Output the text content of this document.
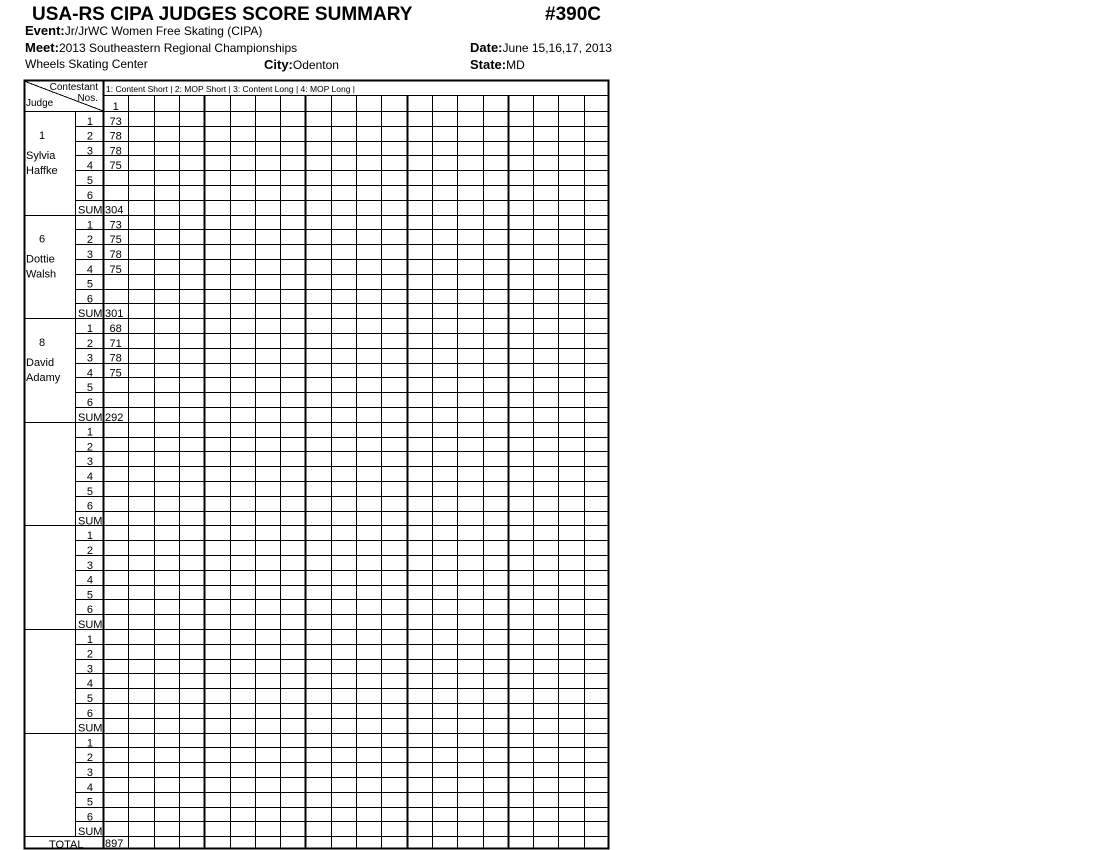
USA-RS CIPA JUDGES SCORE SUMMARY	#390C
Event:Jr/JrWC Women Free Skating (CIPA)
Meet:2013 Southeastern Regional Championships	Date:June 15,16,17, 2013
Wheels Skating Center	City:Odenton	State:MD
Contestant
Nos.
Judge
1: Content Short | 2: MOP Short | 3: Content Long | 4: MOP Long |
1
1
Sylvia
Haffke
1 73
2 78
3 78
4 75
5
6
SUM 304
6
Dottie
Walsh
1 73
2 75
3 78
4 75
5
6
SUM 301
8
David
Adamy
1 68
2 71
3 78
4 75
5
6
SUM 292
1
2
3
4
5
6
SUM
1
2
3
4
5
6
SUM
1
2
3
4
5
6
SUM
1
2
3
4
5
6
SUM
TOTAL 897
